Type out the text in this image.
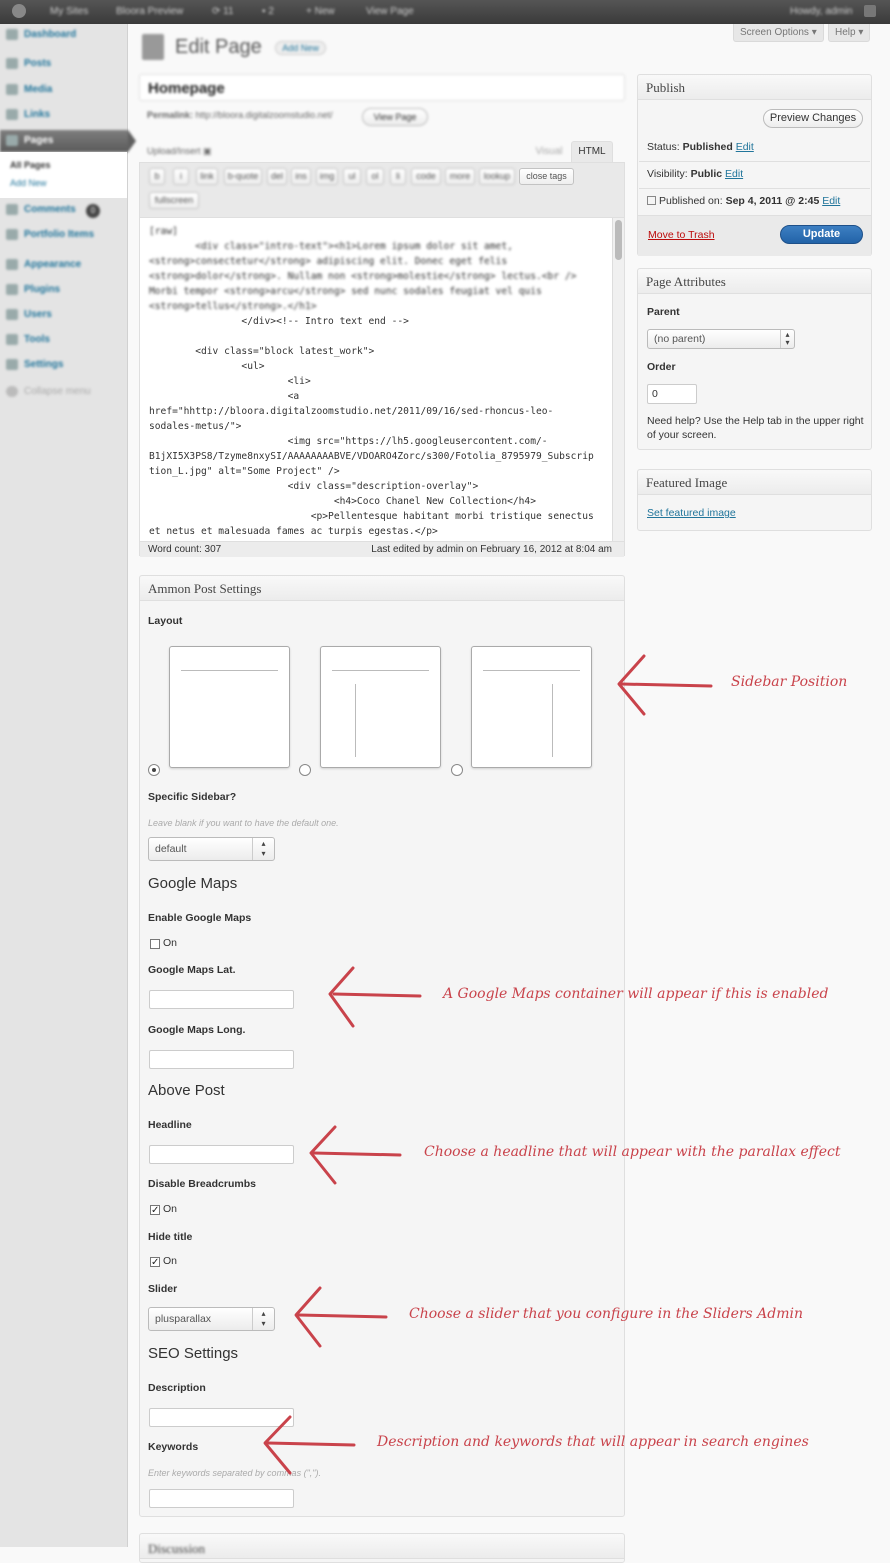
My Sites	Bloora Preview	⟳ 11	▪ 2	+ New	View Page	Howdy, admin
Dashboard
Posts
Media
Links
Pages
All Pages
Add New
Comments	0
Portfolio Items
Appearance
Plugins
Users
Tools
Settings
Collapse menu
Screen Options ▾	Help ▾
Edit Page Add New
Homepage
Permalink: http://bloora.digitalzoomstudio.net/	View Page
Upload/Insert ▣	Visual	HTML
b	i	link	b-quote	del	ins	img	ul	ol	li	code	more	lookup	close tags
fullscreen
[raw]
<div class="intro-text"><h1>Lorem ipsum dolor sit amet,
<strong>consectetur</strong> adipiscing elit. Donec eget felis
<strong>dolor</strong>. Nullam non <strong>molestie</strong> lectus.<br />
Morbi tempor <strong>arcu</strong> sed nunc sodales feugiat vel quis
<strong>tellus</strong>.</h1>
</div><!-- Intro text end -->
<div class="block latest_work">
<ul>
<li>
<a
href="hhttp://bloora.digitalzoomstudio.net/2011/09/16/sed-rhoncus-leo-
sodales-metus/">
<img src="https://lh5.googleusercontent.com/-
B1jXI5X3PS8/Tzyme8nxySI/AAAAAAAABVE/VDOARO4Zorc/s300/Fotolia_8795979_Subscrip
tion_L.jpg" alt="Some Project" />
<div class="description-overlay">
<h4>Coco Chanel New Collection</h4>
<p>Pellentesque habitant morbi tristique senectus
et netus et malesuada fames ac turpis egestas.</p>
Word count: 307	Last edited by admin on February 16, 2012 at 8:04 am
Publish
Preview Changes
Status: Published Edit
Visibility: Public Edit
Published on: Sep 4, 2011 @ 2:45 Edit
Move to Trash	Update
Page Attributes
Parent
(no parent)	▴
▾
Order
0
Need help? Use the Help tab in the upper right
of your screen.
Featured Image
Set featured image
Ammon Post Settings
Layout
Specific Sidebar?
Leave blank if you want to have the default one.
default	▴
▾
Google Maps
Enable Google Maps
On
Google Maps Lat.
Google Maps Long.
Above Post
Headline
Disable Breadcrumbs
✓ On
Hide title
✓ On
Slider
plusparallax	▴
▾
SEO Settings
Description
Keywords
Enter keywords separated by commas (",").
Discussion
Sidebar Position
A Google Maps container will appear if this is enabled
Choose a headline that will appear with the parallax effect
Choose a slider that you configure in the Sliders Admin
Description and keywords that will appear in search engines
